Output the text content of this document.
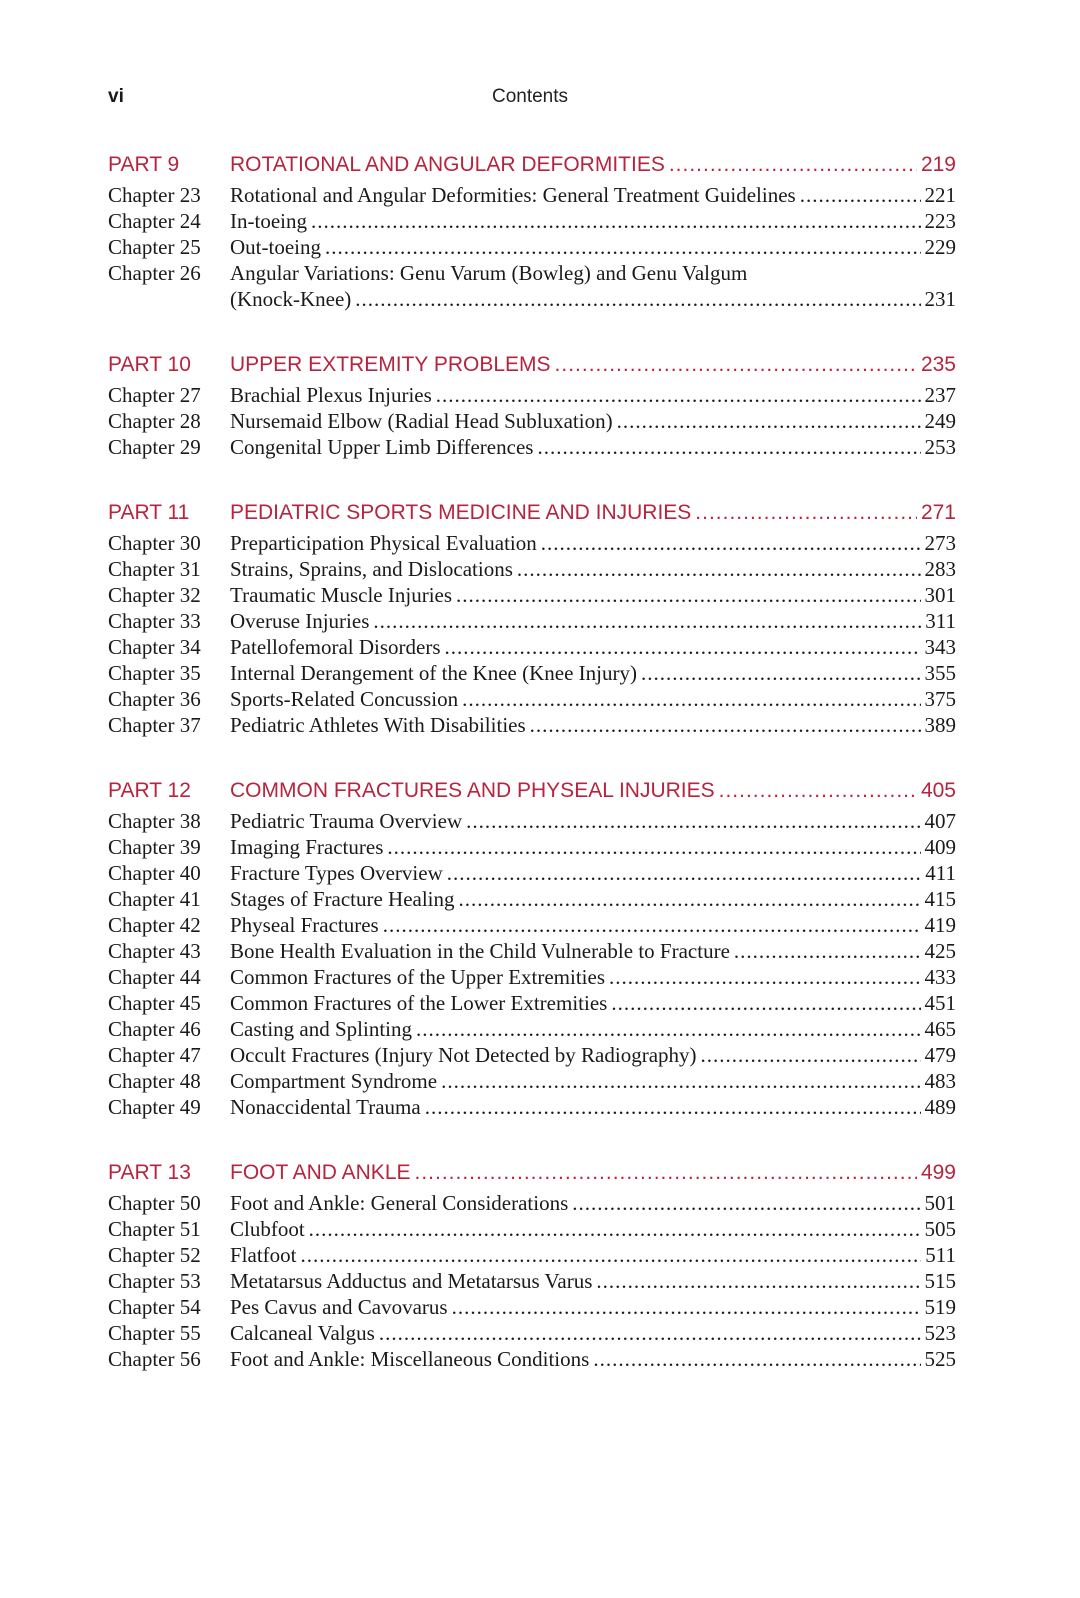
vi	Contents
PART 9	ROTATIONAL AND ANGULAR DEFORMITIES .....	219
Chapter 23	Rotational and Angular Deformities: General Treatment Guidelines .....	221
Chapter 24	In-toeing .....	223
Chapter 25	Out-toeing .....	229
Chapter 26	Angular Variations: Genu Varum (Bowleg) and Genu Valgum
(Knock-Knee) .....	231
PART 10	UPPER EXTREMITY PROBLEMS .....	235
Chapter 27	Brachial Plexus Injuries .....	237
Chapter 28	Nursemaid Elbow (Radial Head Subluxation) .....	249
Chapter 29	Congenital Upper Limb Differences .....	253
PART 11	PEDIATRIC SPORTS MEDICINE AND INJURIES .....	271
Chapter 30	Preparticipation Physical Evaluation .....	273
Chapter 31	Strains, Sprains, and Dislocations .....	283
Chapter 32	Traumatic Muscle Injuries .....	301
Chapter 33	Overuse Injuries .....	311
Chapter 34	Patellofemoral Disorders .....	343
Chapter 35	Internal Derangement of the Knee (Knee Injury) .....	355
Chapter 36	Sports-Related Concussion .....	375
Chapter 37	Pediatric Athletes With Disabilities .....	389
PART 12	COMMON FRACTURES AND PHYSEAL INJURIES .....	405
Chapter 38	Pediatric Trauma Overview .....	407
Chapter 39	Imaging Fractures .....	409
Chapter 40	Fracture Types Overview .....	411
Chapter 41	Stages of Fracture Healing .....	415
Chapter 42	Physeal Fractures .....	419
Chapter 43	Bone Health Evaluation in the Child Vulnerable to Fracture .....	425
Chapter 44	Common Fractures of the Upper Extremities .....	433
Chapter 45	Common Fractures of the Lower Extremities .....	451
Chapter 46	Casting and Splinting .....	465
Chapter 47	Occult Fractures (Injury Not Detected by Radiography) .....	479
Chapter 48	Compartment Syndrome .....	483
Chapter 49	Nonaccidental Trauma .....	489
PART 13	FOOT AND ANKLE .....	499
Chapter 50	Foot and Ankle: General Considerations .....	501
Chapter 51	Clubfoot .....	505
Chapter 52	Flatfoot .....	511
Chapter 53	Metatarsus Adductus and Metatarsus Varus .....	515
Chapter 54	Pes Cavus and Cavovarus .....	519
Chapter 55	Calcaneal Valgus .....	523
Chapter 56	Foot and Ankle: Miscellaneous Conditions .....	525
